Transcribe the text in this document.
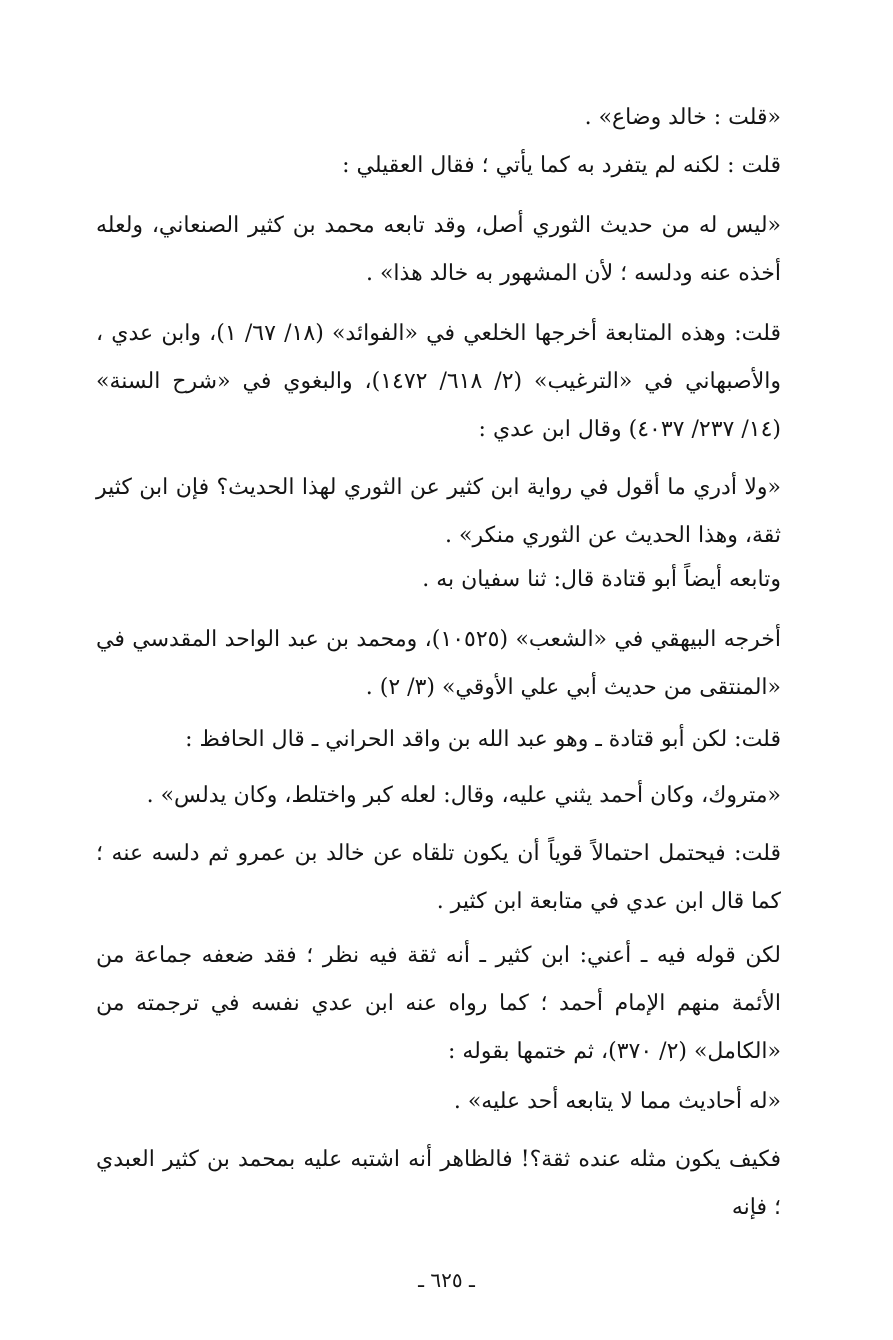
«قلت : خالد وضاع» .

قلت : لكنه لم يتفرد به كما يأتي ؛ فقال العقيلي :

«ليس له من حديث الثوري أصل، وقد تابعه محمد بن كثير الصنعاني، ولعله أخذه عنه ودلسه ؛ لأن المشهور به خالد هذا» .

قلت: وهذه المتابعة أخرجها الخلعي في «الفوائد» (١٨/ ٦٧/ ١)، وابن عدي ، والأصبهاني في «الترغيب» (٢/ ٦١٨/ ١٤٧٢)، والبغوي في «شرح السنة» (١٤/ ٢٣٧/ ٤٠٣٧) وقال ابن عدي :

«ولا أدري ما أقول في رواية ابن كثير عن الثوري لهذا الحديث؟ فإن ابن كثير ثقة، وهذا الحديث عن الثوري منكر» .

وتابعه أيضاً أبو قتادة قال: ثنا سفيان به .

أخرجه البيهقي في «الشعب» (١٠٥٢٥)، ومحمد بن عبد الواحد المقدسي في «المنتقى من حديث أبي علي الأوقي» (٣/ ٢) .

قلت: لكن أبو قتادة ـ وهو عبد الله بن واقد الحراني ـ قال الحافظ :

«متروك، وكان أحمد يثني عليه، وقال: لعله كبر واختلط، وكان يدلس» .

قلت: فيحتمل احتمالاً قوياً أن يكون تلقاه عن خالد بن عمرو ثم دلسه عنه ؛ كما قال ابن عدي في متابعة ابن كثير .

لكن قوله فيه ـ أعني: ابن كثير ـ أنه ثقة فيه نظر ؛ فقد ضعفه جماعة من الأئمة منهم الإمام أحمد ؛ كما رواه عنه ابن عدي نفسه في ترجمته من «الكامل» (٢/ ٣٧٠)، ثم ختمها بقوله :

«له أحاديث مما لا يتابعه أحد عليه» .

فكيف يكون مثله عنده ثقة؟! فالظاهر أنه اشتبه عليه بمحمد بن كثير العبدي ؛ فإنه

ـ ٦٢٥ ـ
